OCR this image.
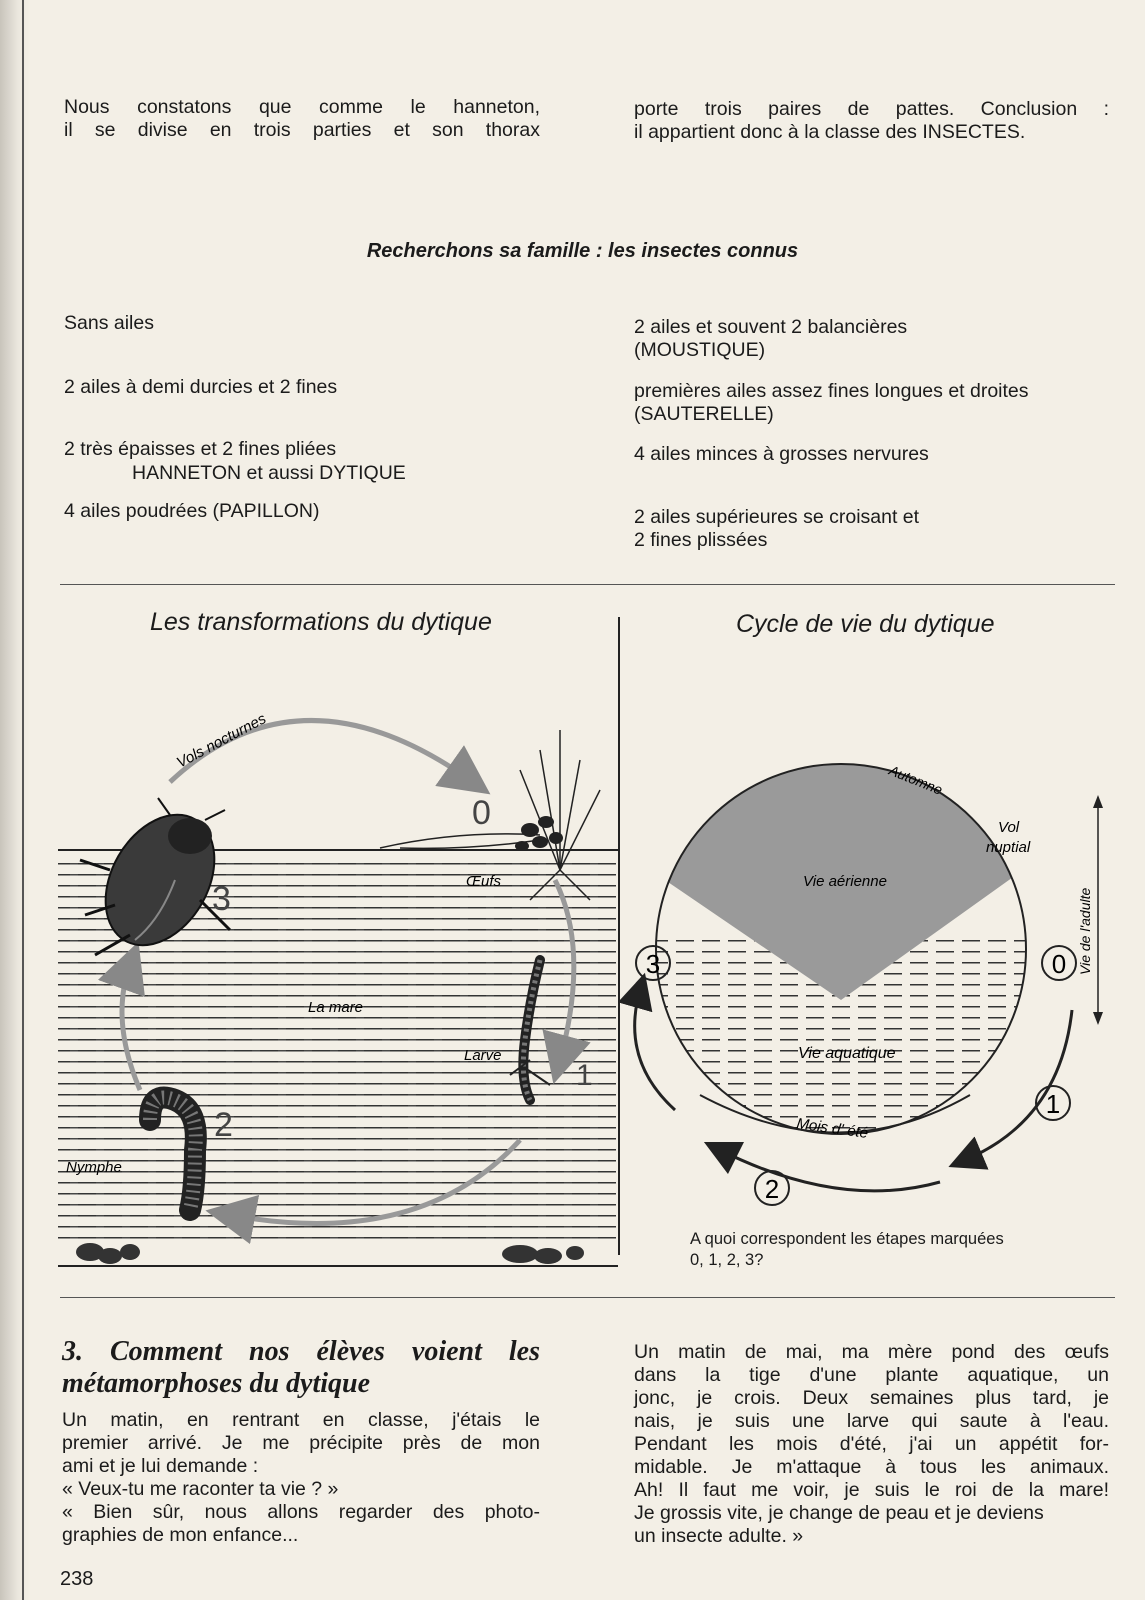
Nous constatons que comme le hanneton,
il se divise en trois parties et son thorax
porte trois paires de pattes. Conclusion :
il appartient donc à la classe des INSECTES.
Recherchons sa famille : les insectes connus
Sans ailes
2 ailes à demi durcies et 2 fines
2 très épaisses et 2 fines pliées
HANNETON et aussi DYTIQUE
4 ailes poudrées (PAPILLON)
2 ailes et souvent 2 balancières
(MOUSTIQUE)
premières ailes assez fines longues et droites
(SAUTERELLE)
4 ailes minces à grosses nervures
2 ailes supérieures se croisant et
2 fines plissées
Les transformations du dytique	Cycle de vie du dytique
Vols nocturnes
3
0
Œufs
La mare
Larve
1
2
Nymphe
Vie aérienne
Vie aquatique
Automne
Vol
nuptial
Vie de l'adulte
Mois d' été
0
1
2
3
A quoi correspondent les étapes marquées
0, 1, 2, 3?
3. Comment nos élèves voient les
métamorphoses du dytique
Un matin, en rentrant en classe, j'étais le
premier arrivé. Je me précipite près de mon
ami et je lui demande :
« Veux-tu me raconter ta vie ? »
« Bien sûr, nous allons regarder des photo-
graphies de mon enfance...
Un matin de mai, ma mère pond des œufs
dans la tige d'une plante aquatique, un
jonc, je crois. Deux semaines plus tard, je
nais, je suis une larve qui saute à l'eau.
Pendant les mois d'été, j'ai un appétit for-
midable. Je m'attaque à tous les animaux.
Ah! Il faut me voir, je suis le roi de la mare!
Je grossis vite, je change de peau et je deviens
un insecte adulte. »
238
